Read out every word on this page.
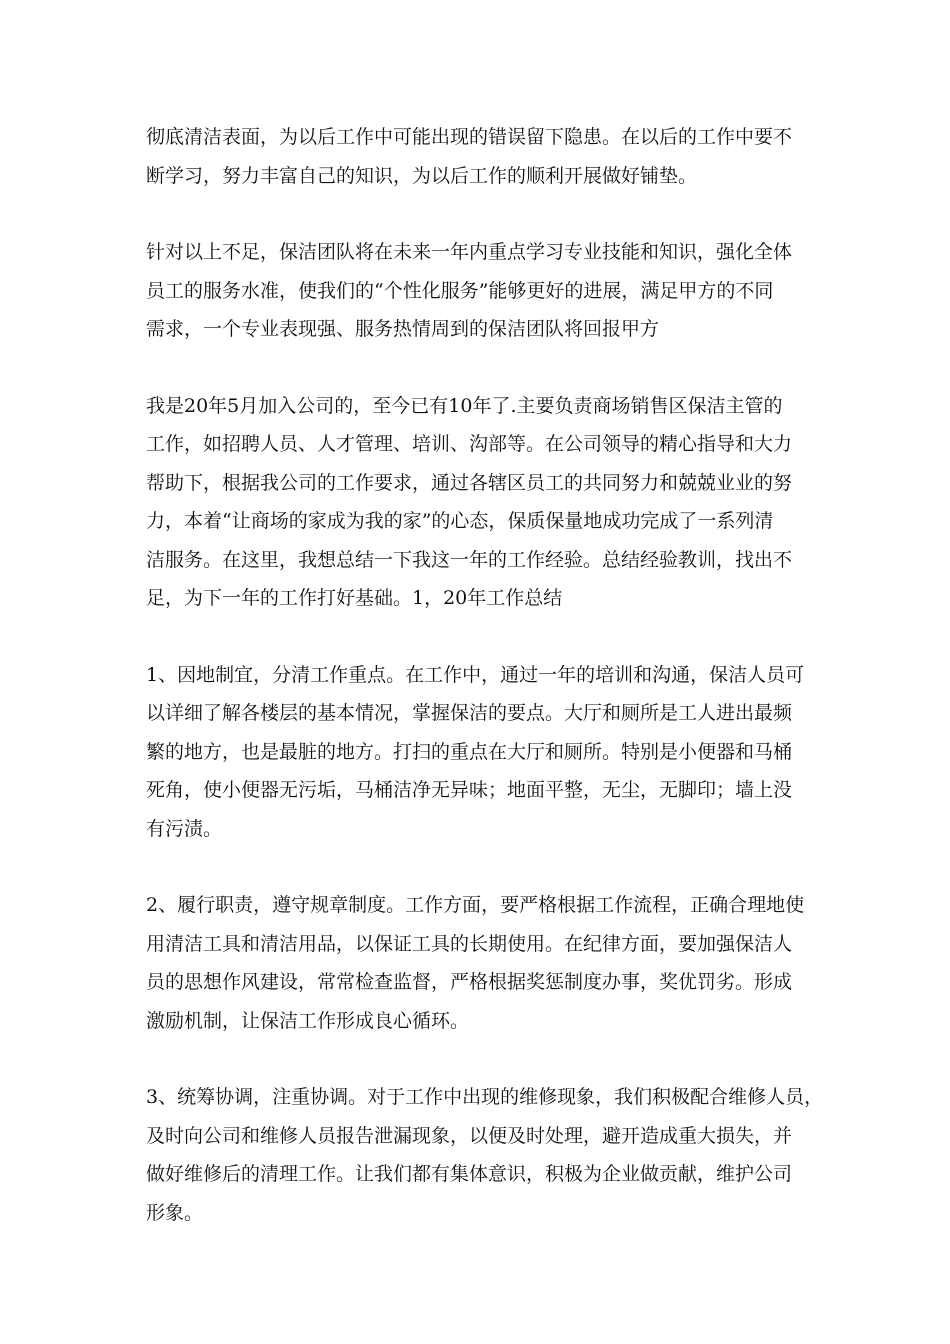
彻底清洁表面，为以后工作中可能出现的错误留下隐患。在以后的工作中要不
断学习，努力丰富自己的知识，为以后工作的顺利开展做好铺垫。

针对以上不足，保洁团队将在未来一年内重点学习专业技能和知识，强化全体
员工的服务水准，使我们的“个性化服务”能够更好的进展，满足甲方的不同
需求，一个专业表现强、服务热情周到的保洁团队将回报甲方

我是20年5月加入公司的，至今已有10年了.主要负责商场销售区保洁主管的
工作，如招聘人员、人才管理、培训、沟部等。在公司领导的精心指导和大力
帮助下，根据我公司的工作要求，通过各辖区员工的共同努力和兢兢业业的努
力，本着“让商场的家成为我的家”的心态，保质保量地成功完成了一系列清
洁服务。在这里，我想总结一下我这一年的工作经验。总结经验教训，找出不
足，为下一年的工作打好基础。1，20年工作总结

1、因地制宜，分清工作重点。在工作中，通过一年的培训和沟通，保洁人员可
以详细了解各楼层的基本情况，掌握保洁的要点。大厅和厕所是工人进出最频
繁的地方，也是最脏的地方。打扫的重点在大厅和厕所。特别是小便器和马桶
死角，使小便器无污垢，马桶洁净无异味；地面平整，无尘，无脚印；墙上没
有污渍。

2、履行职责，遵守规章制度。工作方面，要严格根据工作流程，正确合理地使
用清洁工具和清洁用品，以保证工具的长期使用。在纪律方面，要加强保洁人
员的思想作风建设，常常检查监督，严格根据奖惩制度办事，奖优罚劣。形成
激励机制，让保洁工作形成良心循环。

3、统筹协调，注重协调。对于工作中出现的维修现象，我们积极配合维修人员，
及时向公司和维修人员报告泄漏现象，以便及时处理，避开造成重大损失，并
做好维修后的清理工作。让我们都有集体意识，积极为企业做贡献，维护公司
形象。
